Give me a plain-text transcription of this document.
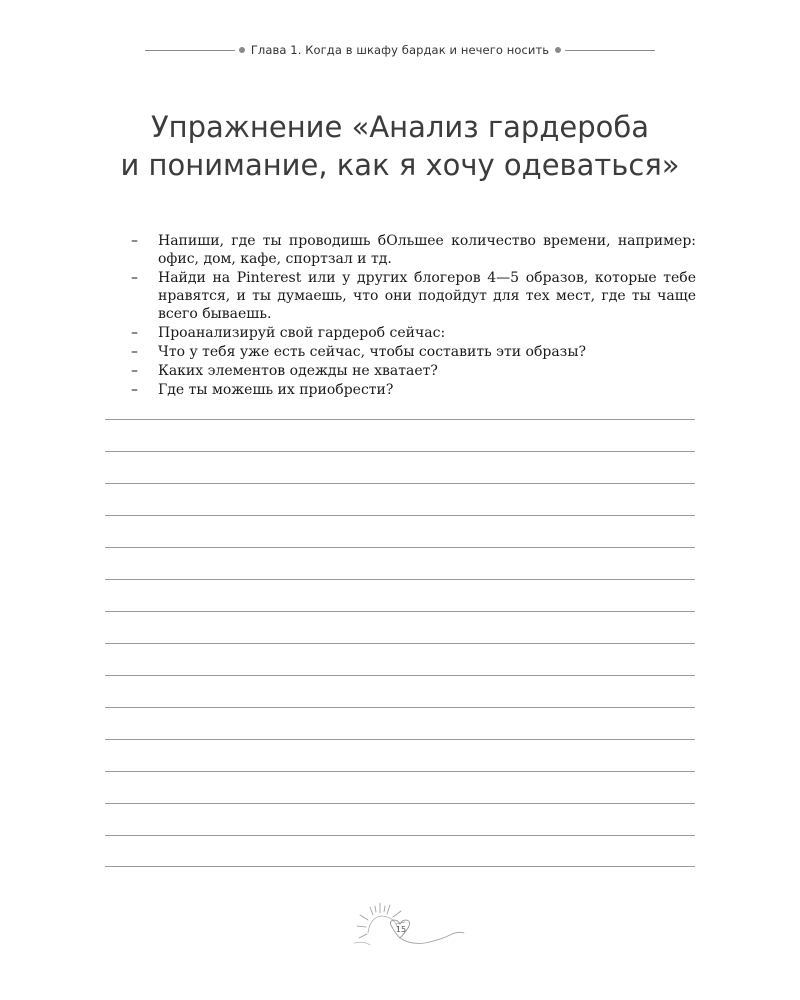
Глава 1. Когда в шкафу бардак и нечего носить
Упражнение «Анализ гардероба
и понимание, как я хочу одеваться»
–	Напиши, где ты проводишь бОльшее количество времени, например: офис, дом, кафе, спортзал и тд.
–	Найди на Pinterest или у других блогеров 4—5 образов, которые тебе нравятся, и ты думаешь, что они подойдут для тех мест, где ты чаще всего бываешь.
–	Проанализируй свой гардероб сейчас:
–	Что у тебя уже есть сейчас, чтобы составить эти образы?
–	Каких элементов одежды не хватает?
–	Где ты можешь их приобрести?
15
